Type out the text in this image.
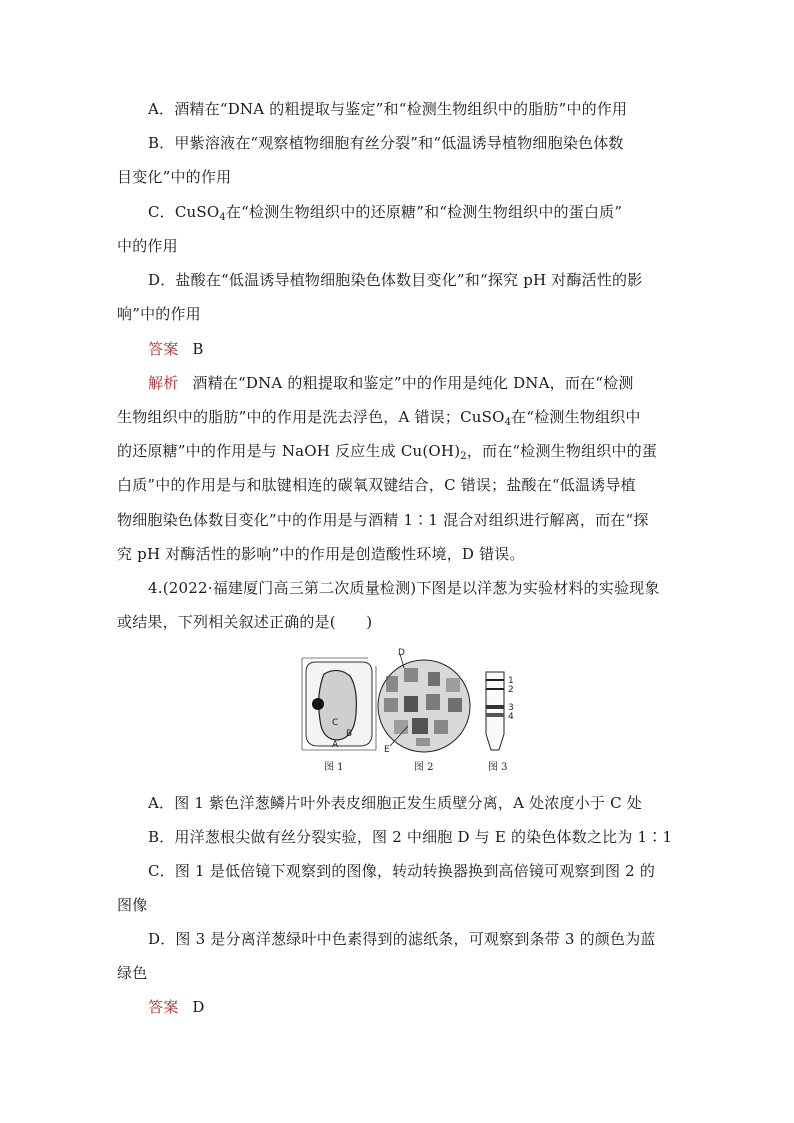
A．酒精在“DNA 的粗提取与鉴定”和“检测生物组织中的脂肪”中的作用
B．甲紫溶液在“观察植物细胞有丝分裂”和“低温诱导植物细胞染色体数
目变化”中的作用
C．CuSO$_4$在“检测生物组织中的还原糖”和“检测生物组织中的蛋白质”
中的作用
D．盐酸在“低温诱导植物细胞染色体数目变化”和“探究 pH 对酶活性的影
响”中的作用
答案 B
解析 酒精在“DNA 的粗提取和鉴定”中的作用是纯化 DNA，而在“检测
生物组织中的脂肪”中的作用是洗去浮色，A 错误；CuSO$_4$在“检测生物组织中
的还原糖”中的作用是与 NaOH 反应生成 $Cu(OH)_2$，而在“检测生物组织中的蛋
白质”中的作用是与和肽键相连的碳氧双键结合，C 错误；盐酸在“低温诱导植
物细胞染色体数目变化”中的作用是与酒精 1∶1 混合对组织进行解离，而在“探
究 pH 对酶活性的影响”中的作用是创造酸性环境，D 错误。
4.(2022·福建厦门高三第二次质量检测)下图是以洋葱为实验材料的实验现象
或结果，下列相关叙述正确的是(　　)
C
B
A
图 1
D
E
图 2
1
2
3
4
图 3
A．图 1 紫色洋葱鳞片叶外表皮细胞正发生质壁分离，A 处浓度小于 C 处
B．用洋葱根尖做有丝分裂实验，图 2 中细胞 D 与 E 的染色体数之比为 1∶1
C．图 1 是低倍镜下观察到的图像，转动转换器换到高倍镜可观察到图 2 的
图像
D．图 3 是分离洋葱绿叶中色素得到的滤纸条，可观察到条带 3 的颜色为蓝
绿色
答案 D
